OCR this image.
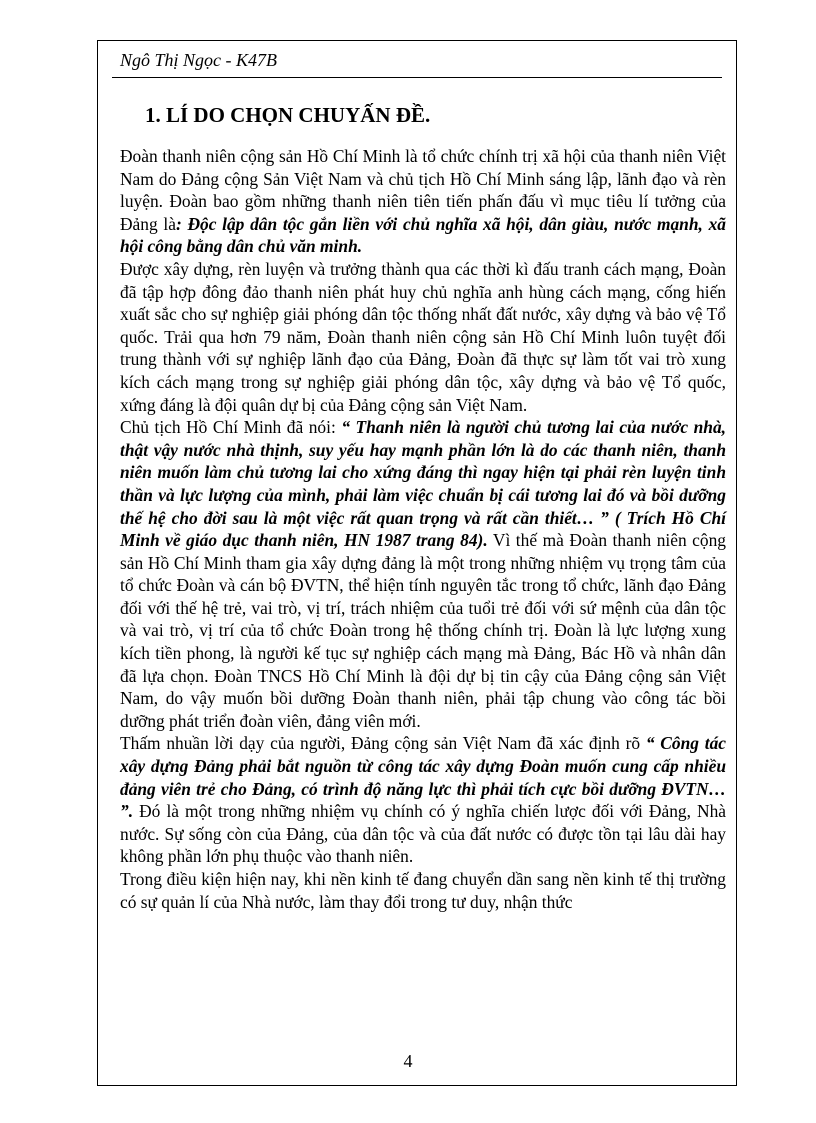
Ngô Thị Ngọc - K47B
1. LÍ DO CHỌN CHUYẤN ĐỀ.

Đoàn thanh niên cộng sản Hồ Chí Minh là tổ chức chính trị xã hội của thanh niên Việt Nam do Đảng cộng Sản Việt Nam và chủ tịch Hồ Chí Minh sáng lập, lãnh đạo và rèn luyện. Đoàn bao gồm những thanh niên tiên tiến phấn đấu vì mục tiêu lí tưởng của Đảng là: Độc lập dân tộc gắn liền với chủ nghĩa xã hội, dân giàu, nước mạnh, xã hội công bằng dân chủ văn minh.

Được xây dựng, rèn luyện và trưởng thành qua các thời kì đấu tranh cách mạng, Đoàn đã tập hợp đông đảo thanh niên phát huy chủ nghĩa anh hùng cách mạng, cống hiến xuất sắc cho sự nghiệp giải phóng dân tộc thống nhất đất nước, xây dựng và bảo vệ Tổ quốc. Trải qua hơn 79 năm, Đoàn thanh niên cộng sản Hồ Chí Minh luôn tuyệt đối trung thành với sự nghiệp lãnh đạo của Đảng, Đoàn đã thực sự làm tốt vai trò xung kích cách mạng trong sự nghiệp giải phóng dân tộc, xây dựng và bảo vệ Tổ quốc, xứng đáng là đội quân dự bị của Đảng cộng sản Việt Nam.

Chủ tịch Hồ Chí Minh đã nói: “ Thanh niên là người chủ tương lai của nước nhà, thật vậy nước nhà thịnh, suy yếu hay mạnh phần lớn là do các thanh niên, thanh niên muốn làm chủ tương lai cho xứng đáng thì ngay hiện tại phải rèn luyện tinh thần và lực lượng của mình, phải làm việc chuẩn bị cái tương lai đó và bồi dưỡng thế hệ cho đời sau là một việc rất quan trọng và rất cần thiết… ” ( Trích Hồ Chí Minh về giáo dục thanh niên, HN 1987 trang 84). Vì thế mà Đoàn thanh niên cộng sản Hồ Chí Minh tham gia xây dựng đảng là một trong những nhiệm vụ trọng tâm của tổ chức Đoàn và cán bộ ĐVTN, thể hiện tính nguyên tắc trong tổ chức, lãnh đạo Đảng đối với thế hệ trẻ, vai trò, vị trí, trách nhiệm của tuổi trẻ đối với sứ mệnh của dân tộc và vai trò, vị trí của tổ chức Đoàn trong hệ thống chính trị. Đoàn là lực lượng xung kích tiền phong, là người kế tục sự nghiệp cách mạng mà Đảng, Bác Hồ và nhân dân đã lựa chọn. Đoàn TNCS Hồ Chí Minh là đội dự bị tin cậy của Đảng cộng sản Việt Nam, do vậy muốn bồi dưỡng Đoàn thanh niên, phải tập chung vào công tác bồi dưỡng phát triển đoàn viên, đảng viên mới.

Thấm nhuần lời dạy của người, Đảng cộng sản Việt Nam đã xác định rõ “ Công tác xây dựng Đảng phải bắt nguồn từ công tác xây dựng Đoàn muốn cung cấp nhiều đảng viên trẻ cho Đảng, có trình độ năng lực thì phải tích cực bồi dưỡng ĐVTN… ”. Đó là một trong những nhiệm vụ chính có ý nghĩa chiến lược đối với Đảng, Nhà nước. Sự sống còn của Đảng, của dân tộc và của đất nước có được tồn tại lâu dài hay không phần lớn phụ thuộc vào thanh niên.

Trong điều kiện hiện nay, khi nền kinh tế đang chuyển dần sang nền kinh tế thị trường có sự quản lí của Nhà nước, làm thay đổi trong tư duy, nhận thức

4
